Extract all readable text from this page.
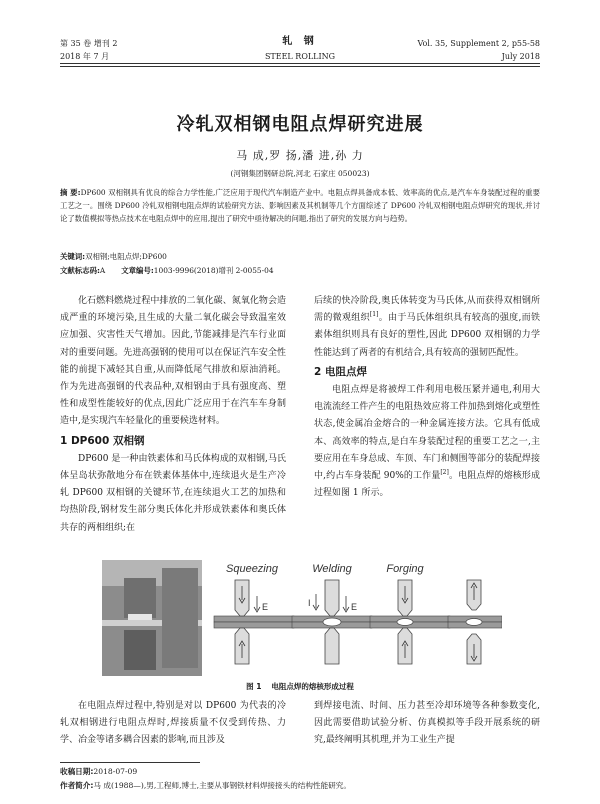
第 35 卷 增刊 2
2018 年 7 月
轧 钢
STEEL ROLLING
Vol. 35, Supplement 2, p55-58
July 2018
冷轧双相钢电阻点焊研究进展
马 成,罗 扬,潘 进,孙 力
(河钢集团钢研总院,河北 石家庄 050023)
摘 要:DP600 双相钢具有优良的综合力学性能,广泛应用于现代汽车制造产业中。电阻点焊具备成本低、效率高的优点,是汽车车身装配过程的重要工艺之一。围绕 DP600 冷轧双相钢电阻点焊的试验研究方法、影响因素及其机制等几个方面综述了 DP600 冷轧双相钢电阻点焊研究的现状,并讨论了数值模拟等热点技术在电阻点焊中的应用,提出了研究中亟待解决的问题,指出了研究的发展方向与趋势。
关键词:双相钢;电阻点焊;DP600
文献标志码:A 文章编号:1003-9996(2018)增刊 2-0055-04

化石燃料燃烧过程中排放的二氧化碳、氮氧化物会造成严重的环境污染,且生成的大量二氧化碳会导致温室效应加强、灾害性天气增加。因此,节能减排是汽车行业面对的重要问题。先进高强钢的使用可以在保证汽车安全性能的前提下减轻其自重,从而降低尾气排放和原油消耗。作为先进高强钢的代表品种,双相钢由于具有强度高、塑性和成型性能较好的优点,因此广泛应用于在汽车车身制造中,是实现汽车轻量化的重要候选材料。

1 DP600 双相钢

DP600 是一种由铁素体和马氏体构成的双相钢,马氏体呈岛状弥散地分布在铁素体基体中,连续退火是生产冷轧 DP600 双相钢的关键环节,在连续退火工艺的加热和均热阶段,钢材发生部分奥氏体化并形成铁素体和奥氏体共存的两相组织;在

后续的快冷阶段,奥氏体转变为马氏体,从而获得双相钢所需的微观组织[1]。由于马氏体组织具有较高的强度,而铁素体组织则具有良好的塑性,因此 DP600 双相钢的力学性能达到了两者的有机结合,具有较高的强韧匹配性。

2 电阻点焊

电阻点焊是将被焊工件利用电极压紧并通电,利用大电流流经工件产生的电阻热效应将工件加热到熔化或塑性状态,使金属冶金熔合的一种金属连接方法。它具有低成本、高效率的特点,是白车身装配过程的重要工艺之一,主要应用在车身总成、车顶、车门和侧围等部分的装配焊接中,约占车身装配 90%的工作量[2]。电阻点焊的熔核形成过程如图 1 所示。

Squeezing	Welding	Forging
E	I	E
图 1 电阻点焊的熔核形成过程

在电阻点焊过程中,特别是对以 DP600 为代表的冷轧双相钢进行电阻点焊时,焊接质量不仅受到传热、力学、冶金等诸多耦合因素的影响,而且涉及

到焊接电流、时间、压力甚至冷却环境等各种参数变化,因此需要借助试验分析、仿真模拟等手段开展系统的研究,最终阐明其机理,并为工业生产提

收稿日期:2018-07-09
作者简介:马 成(1988—),男,工程师,博士,主要从事钢铁材料焊接接头的结构性能研究。
